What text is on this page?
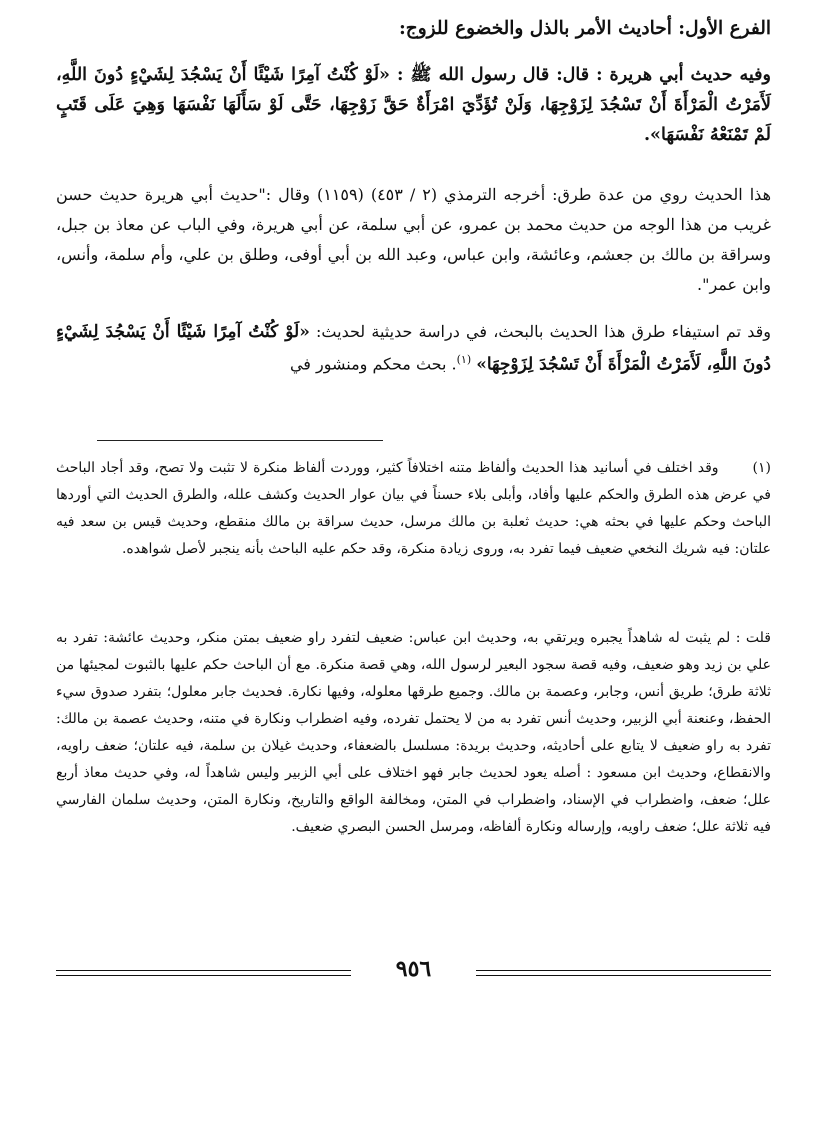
الفرع الأول: أحاديث الأمر بالذل والخضوع للزوج:

وفيه حديث أبي هريرة : قال: قال رسول الله ﷺ : «لَوْ كُنْتُ آمِرًا شَيْئًا أَنْ يَسْجُدَ لِشَيْءٍ دُونَ اللَّهِ، لَأَمَرْتُ الْمَرْأَةَ أَنْ تَسْجُدَ لِزَوْجِهَا، وَلَنْ تُؤَدِّيَ امْرَأَةٌ حَقَّ زَوْجِهَا، حَتَّى لَوْ سَأَلَهَا نَفْسَهَا وَهِيَ عَلَى قَتَبٍ لَمْ تَمْنَعْهُ نَفْسَهَا».

هذا الحديث روي من عدة طرق: أخرجه الترمذي (٢ / ٤٥٣) (١١٥٩) وقال :"حديث أبي هريرة حديث حسن غريب من هذا الوجه من حديث محمد بن عمرو، عن أبي سلمة، عن أبي هريرة، وفي الباب عن معاذ بن جبل، وسراقة بن مالك بن جعشم، وعائشة، وابن عباس، وعبد الله بن أبي أوفى، وطلق بن علي، وأم سلمة، وأنس، وابن عمر".

وقد تم استيفاء طرق هذا الحديث بالبحث، في دراسة حديثية لحديث: «لَوْ كُنْتُ آمِرًا شَيْئًا أَنْ يَسْجُدَ لِشَيْءٍ دُونَ اللَّهِ، لَأَمَرْتُ الْمَرْأَةَ أَنْ تَسْجُدَ لِزَوْجِهَا» $^{(١)}$. بحث محكم ومنشور في

(١)وقد اختلف في أسانيد هذا الحديث وألفاظ متنه اختلافاً كثير، ووردت ألفاظ منكرة لا تثبت ولا تصح، وقد أجاد الباحث في عرض هذه الطرق والحكم عليها وأفاد، وأبلى بلاء حسناً في بيان عوار الحديث وكشف علله، والطرق الحديث التي أوردها الباحث وحكم عليها في بحثه هي: حديث ثعلبة بن مالك مرسل، حديث سراقة بن مالك منقطع، وحديث قيس بن سعد فيه علتان: فيه شريك النخعي ضعيف فيما تفرد به، وروى زيادة منكرة، وقد حكم عليه الباحث بأنه ينجبر لأصل شواهده.

قلت : لم يثبت له شاهداً يجبره ويرتقي به، وحديث ابن عباس: ضعيف لتفرد راو ضعيف بمتن منكر، وحديث عائشة: تفرد به علي بن زيد وهو ضعيف، وفيه قصة سجود البعير لرسول الله، وهي قصة منكرة. مع أن الباحث حكم عليها بالثبوت لمجيئها من ثلاثة طرق؛ طريق أنس، وجابر، وعصمة بن مالك. وجميع طرقها معلوله، وفيها نكارة. فحديث جابر معلول؛ بتفرد صدوق سيء الحفظ، وعنعنة أبي الزبير، وحديث أنس تفرد به من لا يحتمل تفرده، وفيه اضطراب ونكارة في متنه، وحديث عصمة بن مالك: تفرد به راو ضعيف لا يتابع على أحاديثه، وحديث بريدة: مسلسل بالضعفاء، وحديث غيلان بن سلمة، فيه علتان؛ ضعف راويه، والانقطاع، وحديث ابن مسعود : أصله يعود لحديث جابر فهو اختلاف على أبي الزبير وليس شاهداً له، وفي حديث معاذ أربع علل؛ ضعف، واضطراب في الإسناد، واضطراب في المتن، ومخالفة الواقع والتاريخ، ونكارة المتن، وحديث سلمان الفارسي فيه ثلاثة علل؛ ضعف راويه، وإرساله ونكارة ألفاظه، ومرسل الحسن البصري ضعيف.

٩٥٦
